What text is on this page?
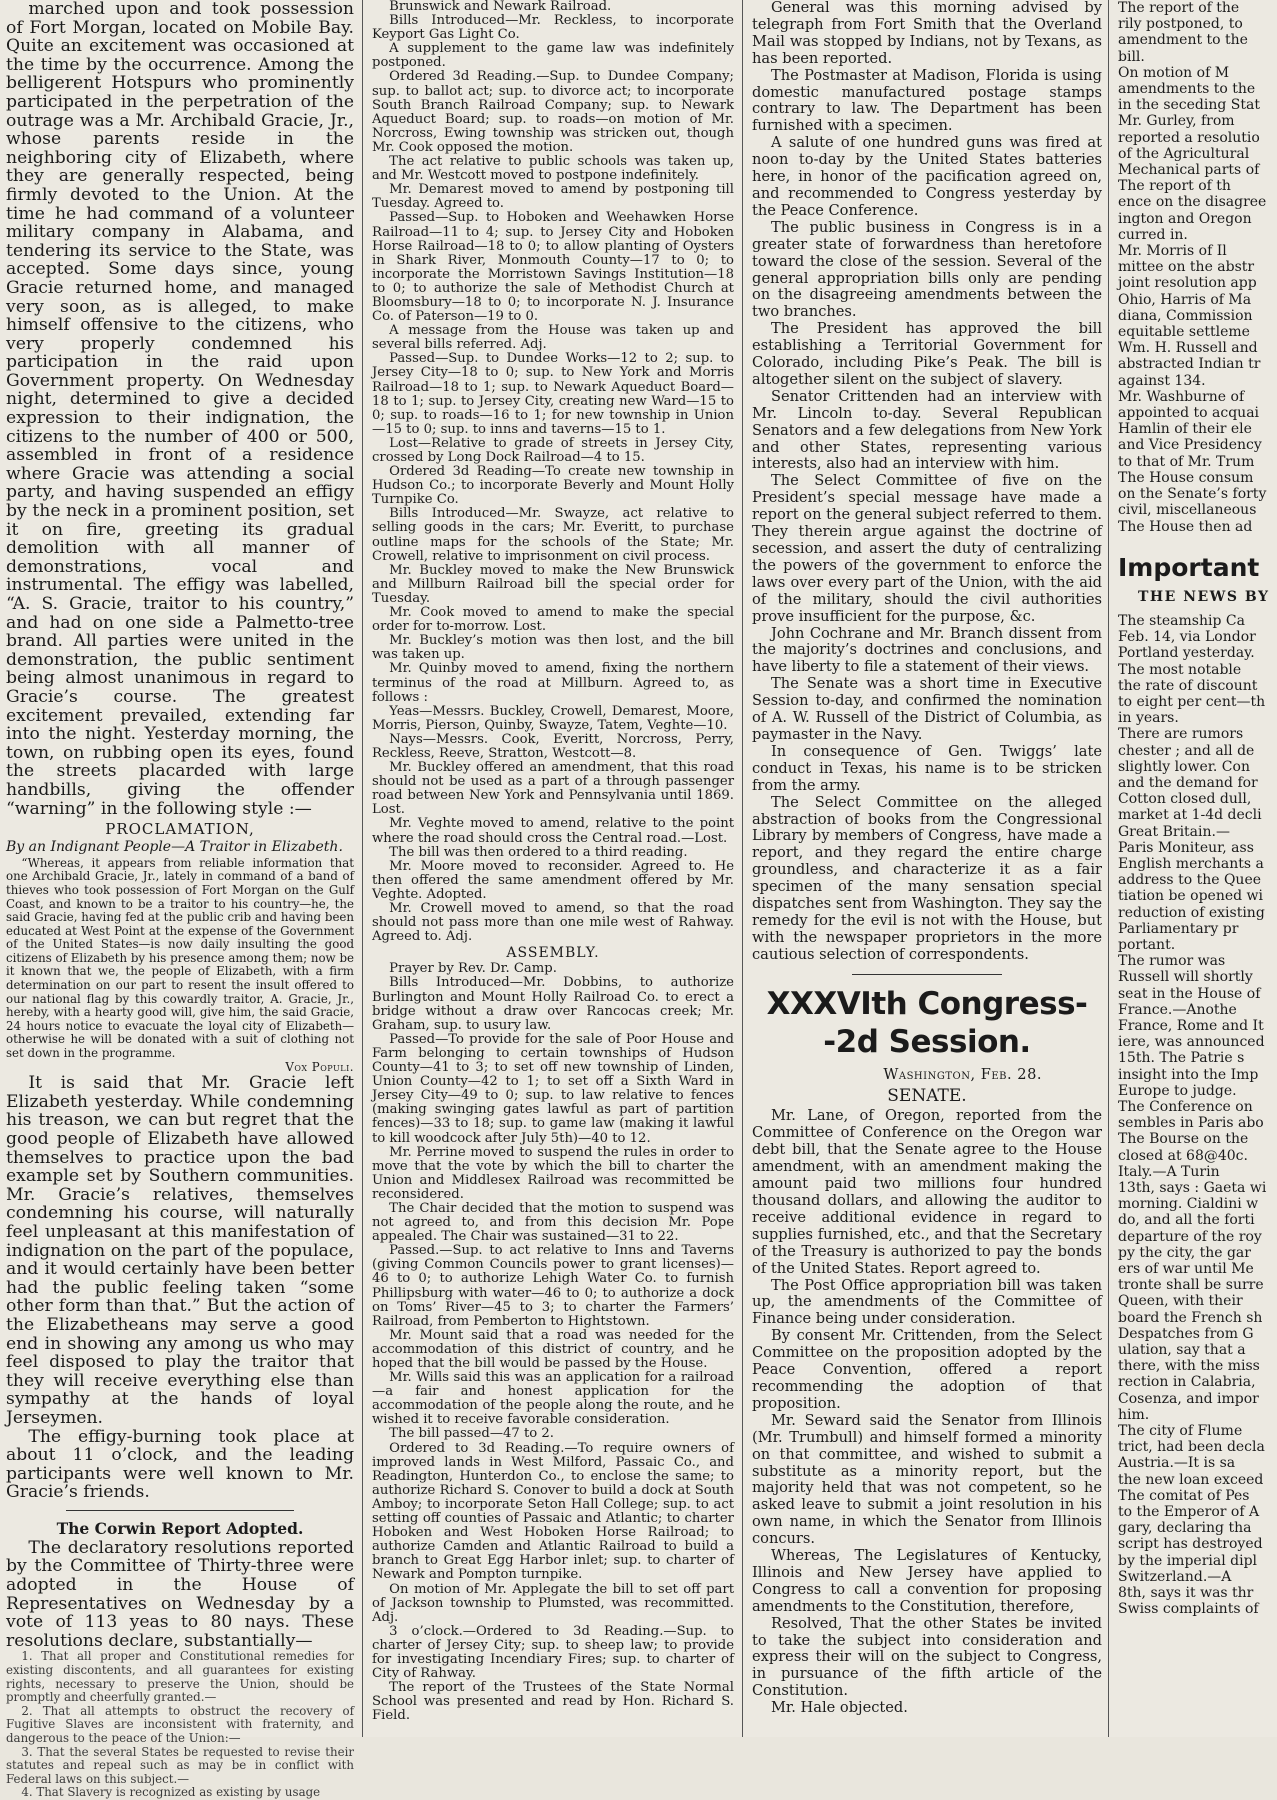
marched upon and took possession of Fort Morgan, located on Mobile Bay. Quite an excitement was occasioned at the time by the occurrence. Among the belligerent Hotspurs who prominently participated in the perpetration of the outrage was a Mr. Archibald Gracie, Jr., whose parents reside in the neighboring city of Elizabeth, where they are generally respected, being firmly devoted to the Union. At the time he had command of a volunteer military company in Alabama, and tendering its service to the State, was accepted. Some days since, young Gracie returned home, and managed very soon, as is alleged, to make himself offensive to the citizens, who very properly condemned his participation in the raid upon Government property. On Wednesday night, determined to give a decided expression to their indignation, the citizens to the number of 400 or 500, assembled in front of a residence where Gracie was attending a social party, and having suspended an effigy by the neck in a prominent position, set it on fire, greeting its gradual demolition with all manner of demonstrations, vocal and instrumental. The effigy was labelled, “A. S. Gracie, traitor to his country,” and had on one side a Palmetto-tree brand. All parties were united in the demonstration, the public sentiment being almost unanimous in regard to Gracie’s course. The greatest excitement prevailed, extending far into the night. Yesterday morning, the town, on rubbing open its eyes, found the streets placarded with large handbills, giving the offender “warning” in the following style :—

PROCLAMATION,
By an Indignant People—A Traitor in Elizabeth.

“Whereas, it appears from reliable information that one Archibald Gracie, Jr., lately in command of a band of thieves who took possession of Fort Morgan on the Gulf Coast, and known to be a traitor to his country—he, the said Gracie, having fed at the public crib and having been educated at West Point at the expense of the Government of the United States—is now daily insulting the good citizens of Elizabeth by his presence among them; now be it known that we, the people of Elizabeth, with a firm determination on our part to resent the insult offered to our national flag by this cowardly traitor, A. Gracie, Jr., hereby, with a hearty good will, give him, the said Gracie, 24 hours notice to evacuate the loyal city of Elizabeth—otherwise he will be donated with a suit of clothing not set down in the programme.

Vox Populi.

It is said that Mr. Gracie left Elizabeth yesterday. While condemning his treason, we can but regret that the good people of Elizabeth have allowed themselves to practice upon the bad example set by Southern communities. Mr. Gracie’s relatives, themselves condemning his course, will naturally feel unpleasant at this manifestation of indignation on the part of the populace, and it would certainly have been better had the public feeling taken “some other form than that.” But the action of the Elizabetheans may serve a good end in showing any among us who may feel disposed to play the traitor that they will receive everything else than sympathy at the hands of loyal Jerseymen.

The effigy-burning took place at about 11 o’clock, and the leading participants were well known to Mr. Gracie’s friends.

The Corwin Report Adopted.

The declaratory resolutions reported by the Committee of Thirty-three were adopted in the House of Representatives on Wednesday by a vote of 113 yeas to 80 nays. These resolutions declare, substantially—

1. That all proper and Constitutional remedies for existing discontents, and all guarantees for existing rights, necessary to preserve the Union, should be promptly and cheerfully granted.—

2. That all attempts to obstruct the recovery of Fugitive Slaves are inconsistent with fraternity, and dangerous to the peace of the Union:—

3. That the several States be requested to revise their statutes and repeal such as may be in conflict with Federal laws on this subject.—

4. That Slavery is recognized as existing by usage

Brunswick and Newark Railroad.

Bills Introduced—Mr. Reckless, to incorporate Keyport Gas Light Co.

A supplement to the game law was indefinitely postponed.

Ordered 3d Reading.—Sup. to Dundee Company; sup. to ballot act; sup. to divorce act; to incorporate South Branch Railroad Company; sup. to Newark Aqueduct Board; sup. to roads—on motion of Mr. Norcross, Ewing township was stricken out, though Mr. Cook opposed the motion.

The act relative to public schools was taken up, and Mr. Westcott moved to postpone indefinitely.

Mr. Demarest moved to amend by postponing till Tuesday. Agreed to.

Passed—Sup. to Hoboken and Weehawken Horse Railroad—11 to 4; sup. to Jersey City and Hoboken Horse Railroad—18 to 0; to allow planting of Oysters in Shark River, Monmouth County—17 to 0; to incorporate the Morristown Savings Institution—18 to 0; to authorize the sale of Methodist Church at Bloomsbury—18 to 0; to incorporate N. J. Insurance Co. of Paterson—19 to 0.

A message from the House was taken up and several bills referred. Adj.

Passed—Sup. to Dundee Works—12 to 2; sup. to Jersey City—18 to 0; sup. to New York and Morris Railroad—18 to 1; sup. to Newark Aqueduct Board—18 to 1; sup. to Jersey City, creating new Ward—15 to 0; sup. to roads—16 to 1; for new township in Union—15 to 0; sup. to inns and taverns—15 to 1.

Lost—Relative to grade of streets in Jersey City, crossed by Long Dock Railroad—4 to 15.

Ordered 3d Reading—To create new township in Hudson Co.; to incorporate Beverly and Mount Holly Turnpike Co.

Bills Introduced—Mr. Swayze, act relative to selling goods in the cars; Mr. Everitt, to purchase outline maps for the schools of the State; Mr. Crowell, relative to imprisonment on civil process.

Mr. Buckley moved to make the New Brunswick and Millburn Railroad bill the special order for Tuesday.

Mr. Cook moved to amend to make the special order for to-morrow. Lost.

Mr. Buckley’s motion was then lost, and the bill was taken up.

Mr. Quinby moved to amend, fixing the northern terminus of the road at Millburn. Agreed to, as follows :

Yeas—Messrs. Buckley, Crowell, Demarest, Moore, Morris, Pierson, Quinby, Swayze, Tatem, Veghte—10.

Nays—Messrs. Cook, Everitt, Norcross, Perry, Reckless, Reeve, Stratton, Westcott—8.

Mr. Buckley offered an amendment, that this road should not be used as a part of a through passenger road between New York and Pennsylvania until 1869. Lost.

Mr. Veghte moved to amend, relative to the point where the road should cross the Central road.—Lost.

The bill was then ordered to a third reading.

Mr. Moore moved to reconsider. Agreed to. He then offered the same amendment offered by Mr. Veghte. Adopted.

Mr. Crowell moved to amend, so that the road should not pass more than one mile west of Rahway. Agreed to. Adj.

ASSEMBLY.

Prayer by Rev. Dr. Camp.

Bills Introduced—Mr. Dobbins, to authorize Burlington and Mount Holly Railroad Co. to erect a bridge without a draw over Rancocas creek; Mr. Graham, sup. to usury law.

Passed—To provide for the sale of Poor House and Farm belonging to certain townships of Hudson County—41 to 3; to set off new township of Linden, Union County—42 to 1; to set off a Sixth Ward in Jersey City—49 to 0; sup. to law relative to fences (making swinging gates lawful as part of partition fences)—33 to 18; sup. to game law (making it lawful to kill woodcock after July 5th)—40 to 12.

Mr. Perrine moved to suspend the rules in order to move that the vote by which the bill to charter the Union and Middlesex Railroad was recommitted be reconsidered.

The Chair decided that the motion to suspend was not agreed to, and from this decision Mr. Pope appealed. The Chair was sustained—31 to 22.

Passed.—Sup. to act relative to Inns and Taverns (giving Common Councils power to grant licenses)—46 to 0; to authorize Lehigh Water Co. to furnish Phillipsburg with water—46 to 0; to authorize a dock on Toms’ River—45 to 3; to charter the Farmers’ Railroad, from Pemberton to Hightstown.

Mr. Mount said that a road was needed for the accommodation of this district of country, and he hoped that the bill would be passed by the House.

Mr. Wills said this was an application for a railroad—a fair and honest application for the accommodation of the people along the route, and he wished it to receive favorable consideration.

The bill passed—47 to 2.

Ordered to 3d Reading.—To require owners of improved lands in West Milford, Passaic Co., and Readington, Hunterdon Co., to enclose the same; to authorize Richard S. Conover to build a dock at South Amboy; to incorporate Seton Hall College; sup. to act setting off counties of Passaic and Atlantic; to charter Hoboken and West Hoboken Horse Railroad; to authorize Camden and Atlantic Railroad to build a branch to Great Egg Harbor inlet; sup. to charter of Newark and Pompton turnpike.

On motion of Mr. Applegate the bill to set off part of Jackson township to Plumsted, was recommitted. Adj.

3 o’clock.—Ordered to 3d Reading.—Sup. to charter of Jersey City; sup. to sheep law; to provide for investigating Incendiary Fires; sup. to charter of City of Rahway.

The report of the Trustees of the State Normal School was presented and read by Hon. Richard S. Field.

General was this morning advised by telegraph from Fort Smith that the Overland Mail was stopped by Indians, not by Texans, as has been reported.

The Postmaster at Madison, Florida is using domestic manufactured postage stamps contrary to law. The Department has been furnished with a specimen.

A salute of one hundred guns was fired at noon to-day by the United States batteries here, in honor of the pacification agreed on, and recommended to Congress yesterday by the Peace Conference.

The public business in Congress is in a greater state of forwardness than heretofore toward the close of the session. Several of the general appropriation bills only are pending on the disagreeing amendments between the two branches.

The President has approved the bill establishing a Territorial Government for Colorado, including Pike’s Peak. The bill is altogether silent on the subject of slavery.

Senator Crittenden had an interview with Mr. Lincoln to-day. Several Republican Senators and a few delegations from New York and other States, representing various interests, also had an interview with him.

The Select Committee of five on the President’s special message have made a report on the general subject referred to them. They therein argue against the doctrine of secession, and assert the duty of centralizing the powers of the government to enforce the laws over every part of the Union, with the aid of the military, should the civil authorities prove insufficient for the purpose, &c.

John Cochrane and Mr. Branch dissent from the majority’s doctrines and conclusions, and have liberty to file a statement of their views.

The Senate was a short time in Executive Session to-day, and confirmed the nomination of A. W. Russell of the District of Columbia, as paymaster in the Navy.

In consequence of Gen. Twiggs’ late conduct in Texas, his name is to be stricken from the army.

The Select Committee on the alleged abstraction of books from the Congressional Library by members of Congress, have made a report, and they regard the entire charge groundless, and characterize it as a fair specimen of the many sensation special dispatches sent from Washington. They say the remedy for the evil is not with the House, but with the newspaper proprietors in the more cautious selection of correspondents.

XXXVIth Congress--2d Session.
Washington, Feb. 28.
SENATE.

Mr. Lane, of Oregon, reported from the Committee of Conference on the Oregon war debt bill, that the Senate agree to the House amendment, with an amendment making the amount paid two millions four hundred thousand dollars, and allowing the auditor to receive additional evidence in regard to supplies furnished, etc., and that the Secretary of the Treasury is authorized to pay the bonds of the United States. Report agreed to.

The Post Office appropriation bill was taken up, the amendments of the Committee of Finance being under consideration.

By consent Mr. Crittenden, from the Select Committee on the proposition adopted by the Peace Convention, offered a report recommending the adoption of that proposition.

Mr. Seward said the Senator from Illinois (Mr. Trumbull) and himself formed a minority on that committee, and wished to submit a substitute as a minority report, but the majority held that was not competent, so he asked leave to submit a joint resolution in his own name, in which the Senator from Illinois concurs.

Whereas, The Legislatures of Kentucky, Illinois and New Jersey have applied to Congress to call a convention for proposing amendments to the Constitution, therefore,

Resolved, That the other States be invited to take the subject into consideration and express their will on the subject to Congress, in pursuance of the fifth article of the Constitution.

Mr. Hale objected.

The report of the
rily postponed, to
amendment to the
bill.
On motion of M
amendments to the
in the seceding Stat
Mr. Gurley, from
reported a resolutio
of the Agricultural
Mechanical parts of
The report of th
ence on the disagree
ington and Oregon
curred in.
Mr. Morris of Il
mittee on the abstr
joint resolution app
Ohio, Harris of Ma
diana, Commission
equitable settleme
Wm. H. Russell and
abstracted Indian tr
against 134.
Mr. Washburne of
appointed to acquai
Hamlin of their ele
and Vice Presidency
to that of Mr. Trum
The House consum
on the Senate’s forty
civil, miscellaneous
The House then ad
Important
THE NEWS BY
The steamship Ca
Feb. 14, via Londor
Portland yesterday.
The most notable
the rate of discount
to eight per cent—th
in years.
There are rumors
chester ; and all de
slightly lower. Con
and the demand for
Cotton closed dull,
market at 1-4d decli
Great Britain.—
Paris Moniteur, ass
English merchants a
address to the Quee
tiation be opened wi
reduction of existing
Parliamentary pr
portant.
The rumor was
Russell will shortly
seat in the House of
France.—Anothe
France, Rome and It
iere, was announced
15th. The Patrie s
insight into the Imp
Europe to judge.
The Conference on
sembles in Paris abo
The Bourse on the
closed at 68@40c.
Italy.—A Turin
13th, says : Gaeta wi
morning. Cialdini w
do, and all the forti
departure of the roy
py the city, the gar
ers of war until Me
tronte shall be surre
Queen, with their
board the French sh
Despatches from G
ulation, say that a
there, with the miss
rection in Calabria,
Cosenza, and impor
him.
The city of Flume
trict, had been decla
Austria.—It is sa
the new loan exceed
The comitat of Pes
to the Emperor of A
gary, declaring tha
script has destroyed
by the imperial dipl
Switzerland.—A
8th, says it was thr
Swiss complaints of
